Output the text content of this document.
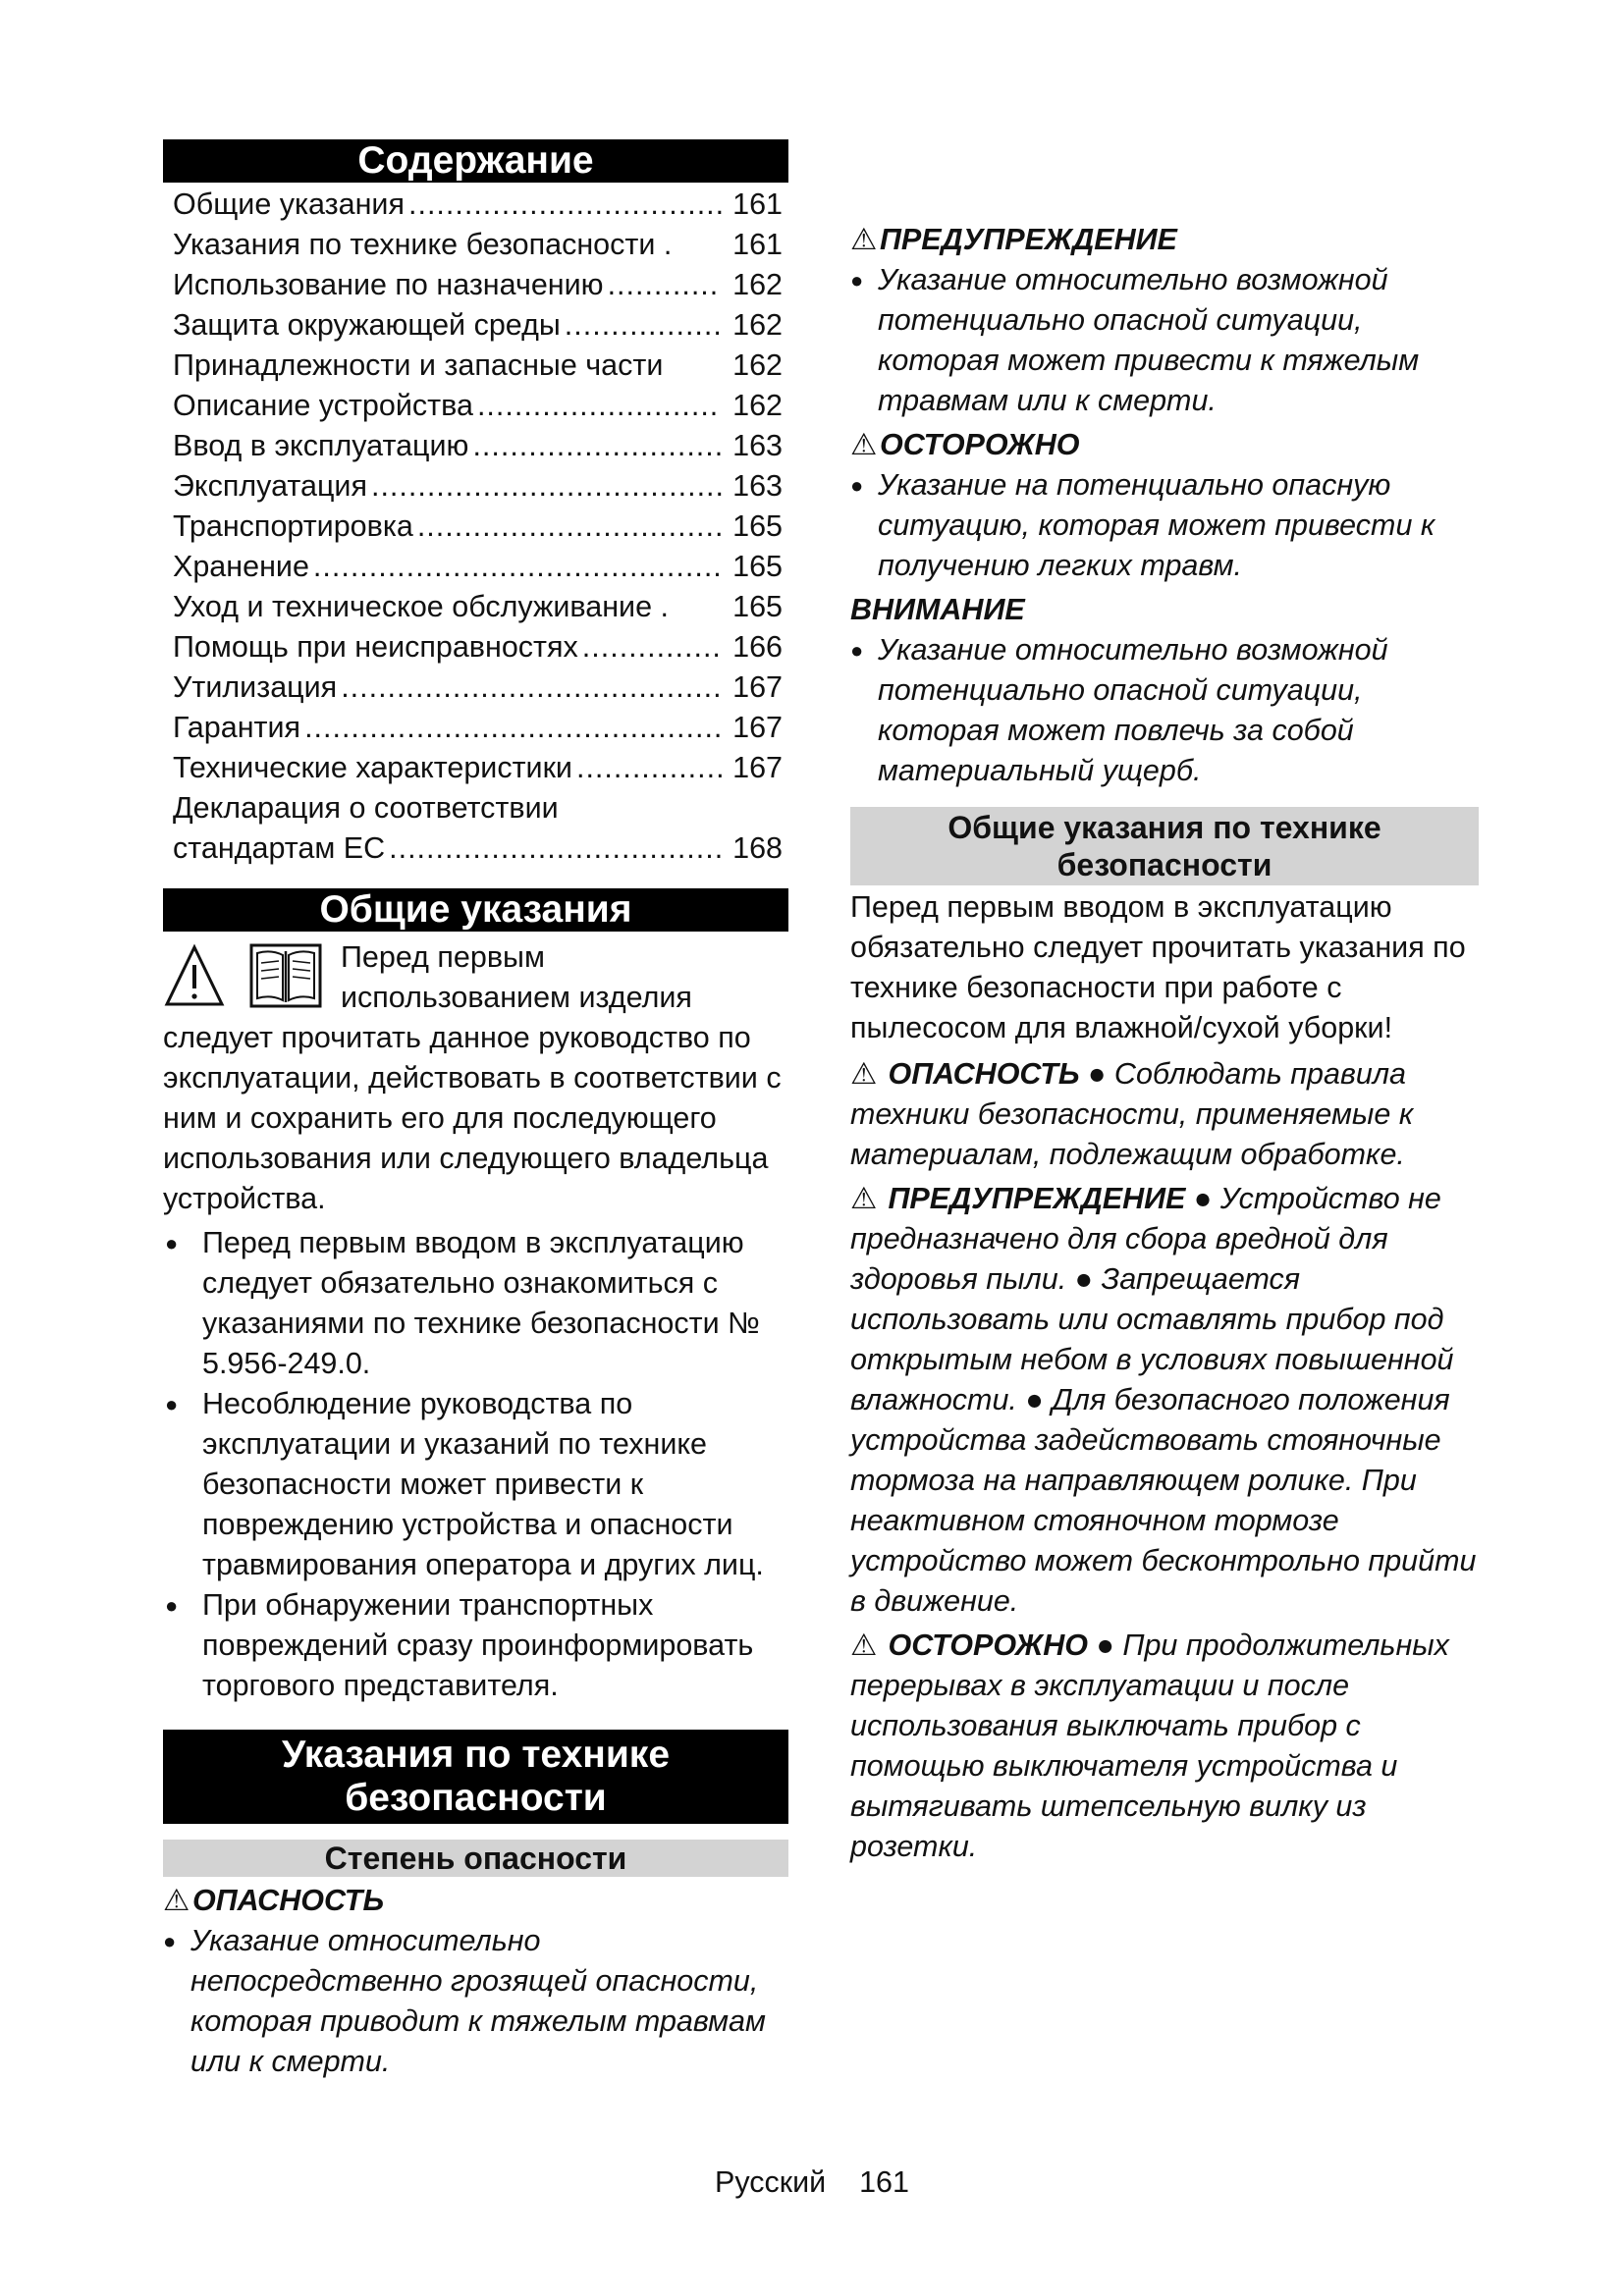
Содержание
Общие указания .....	161
Указания по технике безопасности . 161
Использование по назначению .....	162
Защита окружающей среды .....	162
Принадлежности и запасные части 162
Описание устройства .....	162
Ввод в эксплуатацию .....	163
Эксплуатация .....	163
Транспортировка .....	165
Хранение .....	165
Уход и техническое обслуживание . 165
Помощь при неисправностях .....	166
Утилизация .....	167
Гарантия .....	167
Технические характеристики .....	167
Декларация о соответствии
стандартам ЕС .....	168
Общие указания
Перед первым
использованием изделия

следует прочитать данное руководство по эксплуатации, действовать в соответствии с ним и сохранить его для последующего использования или следующего владельца устройства.

● Перед первым вводом в эксплуатацию следует обязательно ознакомиться с указаниями по технике безопасности № 5.956-249.0.
● Несоблюдение руководства по эксплуатации и указаний по технике безопасности может привести к повреждению устройства и опасности травмирования оператора и других лиц.
● При обнаружении транспортных повреждений сразу проинформировать торгового представителя.
Указания по технике
безопасности
Степень опасности
⚠ОПАСНОСТЬ
● Указание относительно непосредственно грозящей опасности, которая приводит к тяжелым травмам или к смерти.
⚠ПРЕДУПРЕЖДЕНИЕ
● Указание относительно возможной потенциально опасной ситуации, которая может привести к тяжелым травмам или к смерти.
⚠ОСТОРОЖНО
● Указание на потенциально опасную ситуацию, которая может привести к получению легких травм.
ВНИМАНИЕ
● Указание относительно возможной потенциально опасной ситуации, которая может повлечь за собой материальный ущерб.
Общие указания по технике
безопасности

Перед первым вводом в эксплуатацию обязательно следует прочитать указания по технике безопасности при работе с пылесосом для влажной/сухой уборки!

⚠ ОПАСНОСТЬ ● Соблюдать правила техники безопасности, применяемые к материалам, подлежащим обработке.

⚠ ПРЕДУПРЕЖДЕНИЕ ● Устройство не предназначено для сбора вредной для здоровья пыли. ● Запрещается использовать или оставлять прибор под открытым небом в условиях повышенной влажности. ● Для безопасного положения устройства задействовать стояночные тормоза на направляющем ролике. При неактивном стояночном тормозе устройство может бесконтрольно прийти в движение.

⚠ ОСТОРОЖНО ● При продолжительных перерывах в эксплуатации и после использования выключать прибор с помощью выключателя устройства и вытягивать штепсельную вилку из розетки.

Русский 161
